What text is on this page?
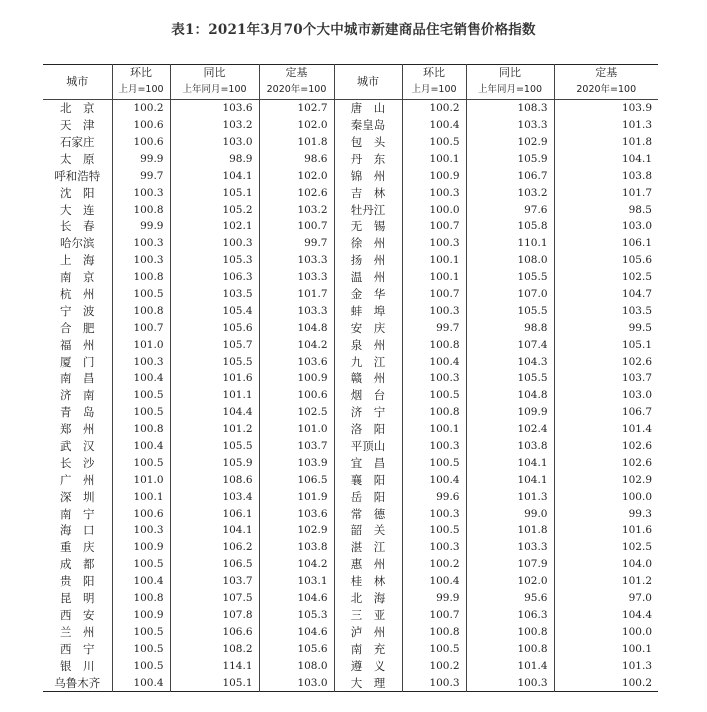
表1：2021年3月70个大中城市新建商品住宅销售价格指数
城市	环比	同比	定基	城市	环比	同比	定基
	上月=100	上年同月=100	2020年=100		上月=100	上年同月=100	2020年=100
北　京	100.2	103.6	102.7	唐　山	100.2	108.3	103.9
天　津	100.6	103.2	102.0	秦皇岛	100.4	103.3	101.3
石家庄	100.6	103.0	101.8	包　头	100.5	102.9	101.8
太　原	99.9	98.9	98.6	丹　东	100.1	105.9	104.1
呼和浩特	99.7	104.1	102.0	锦　州	100.9	106.7	103.8
沈　阳	100.3	105.1	102.6	吉　林	100.3	103.2	101.7
大　连	100.8	105.2	103.2	牡丹江	100.0	97.6	98.5
长　春	99.9	102.1	100.7	无　锡	100.7	105.8	103.0
哈尔滨	100.3	100.3	99.7	徐　州	100.3	110.1	106.1
上　海	100.3	105.3	103.3	扬　州	100.1	108.0	105.6
南　京	100.8	106.3	103.3	温　州	100.1	105.5	102.5
杭　州	100.5	103.5	101.7	金　华	100.7	107.0	104.7
宁　波	100.8	105.4	103.3	蚌　埠	100.3	105.5	103.5
合　肥	100.7	105.6	104.8	安　庆	99.7	98.8	99.5
福　州	101.0	105.7	104.2	泉　州	100.8	107.4	105.1
厦　门	100.3	105.5	103.6	九　江	100.4	104.3	102.6
南　昌	100.4	101.6	100.9	赣　州	100.3	105.5	103.7
济　南	100.5	101.1	100.6	烟　台	100.5	104.8	103.0
青　岛	100.5	104.4	102.5	济　宁	100.8	109.9	106.7
郑　州	100.8	101.2	101.0	洛　阳	100.1	102.4	101.4
武　汉	100.4	105.5	103.7	平顶山	100.3	103.8	102.6
长　沙	100.5	105.9	103.9	宜　昌	100.5	104.1	102.6
广　州	101.0	108.6	106.5	襄　阳	100.4	104.1	102.9
深　圳	100.1	103.4	101.9	岳　阳	99.6	101.3	100.0
南　宁	100.6	106.1	103.6	常　德	100.3	99.0	99.3
海　口	100.3	104.1	102.9	韶　关	100.5	101.8	101.6
重　庆	100.9	106.2	103.8	湛　江	100.3	103.3	102.5
成　都	100.5	106.5	104.2	惠　州	100.2	107.9	104.0
贵　阳	100.4	103.7	103.1	桂　林	100.4	102.0	101.2
昆　明	100.8	107.5	104.6	北　海	99.9	95.6	97.0
西　安	100.9	107.8	105.3	三　亚	100.7	106.3	104.4
兰　州	100.5	106.6	104.6	泸　州	100.8	100.8	100.0
西　宁	100.5	108.2	105.6	南　充	100.5	100.8	100.1
银　川	100.5	114.1	108.0	遵　义	100.2	101.4	101.3
乌鲁木齐	100.4	105.1	103.0	大　理	100.3	100.3	100.2
